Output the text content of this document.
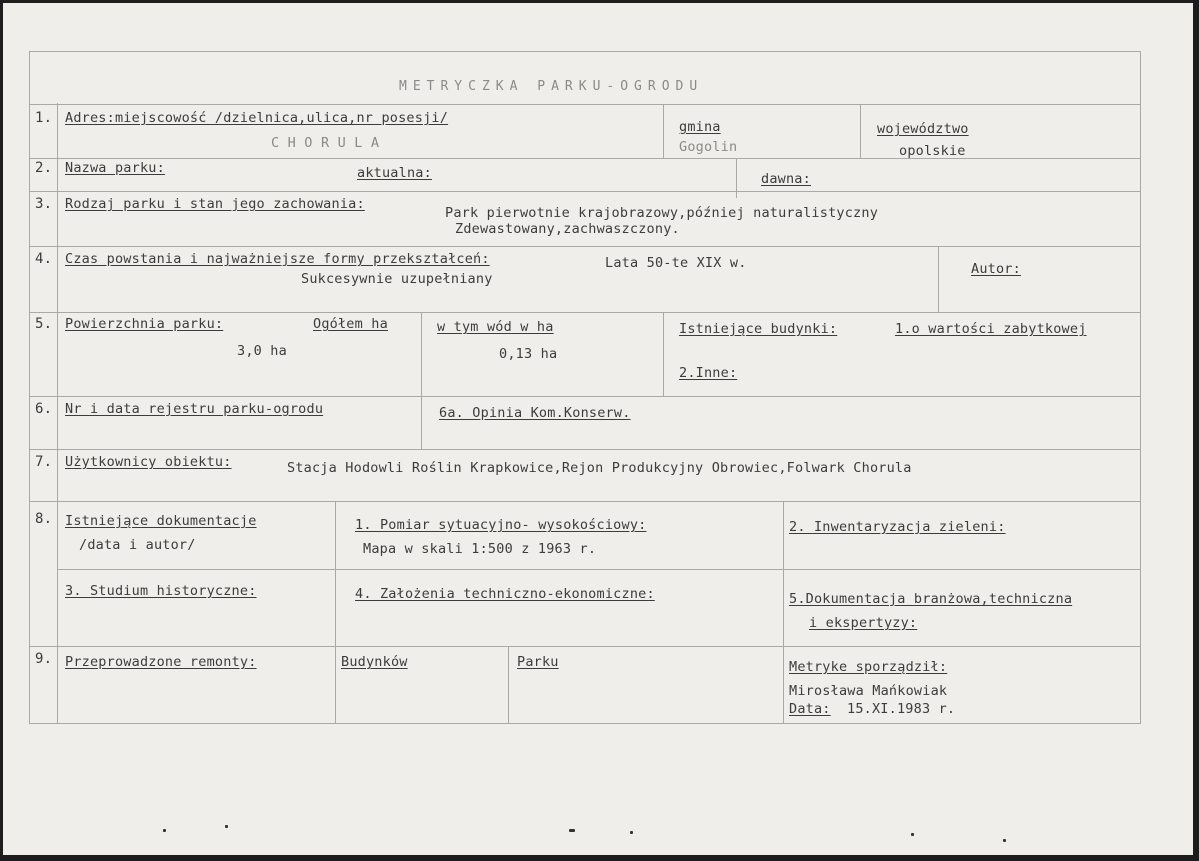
METRYCZKA PARKU-OGRODU
1. Adres:miejscowość /dzielnica,ulica,nr posesji/
C H O R U L A
gmina
Gogolin
województwo
opolskie
2. Nazwa parku:	aktualna:	dawna:
3. Rodzaj parku i stan jego zachowania:
Park pierwotnie krajobrazowy,później naturalistyczny
Zdewastowany,zachwaszczony.
4. Czas powstania i najważniejsze formy przekształceń:	Lata 50-te XIX w.
Sukcesywnie uzupełniany
Autor:
5. Powierzchnia parku:	Ogółem ha
3,0 ha
w tym wód w ha
0,13 ha
Istniejące budynki:	1.o wartości zabytkowej
2.Inne:
6. Nr i data rejestru parku-ogrodu	6a. Opinia Kom.Konserw.
7. Użytkownicy obiektu:	Stacja Hodowli Roślin Krapkowice,Rejon Produkcyjny Obrowiec,Folwark Chorula
8. Istniejące dokumentacje
/data i autor/
1. Pomiar sytuacyjno- wysokościowy:
Mapa w skali 1:500 z 1963 r.
2. Inwentaryzacja zieleni:
3. Studium historyczne:	4. Założenia techniczno-ekonomiczne:	5.Dokumentacja branżowa,techniczna
i ekspertyzy:
9. Przeprowadzone remonty:	Budynków	Parku	Metryke sporządził:
Mirosława Mańkowiak
Data: 15.XI.1983 r.
